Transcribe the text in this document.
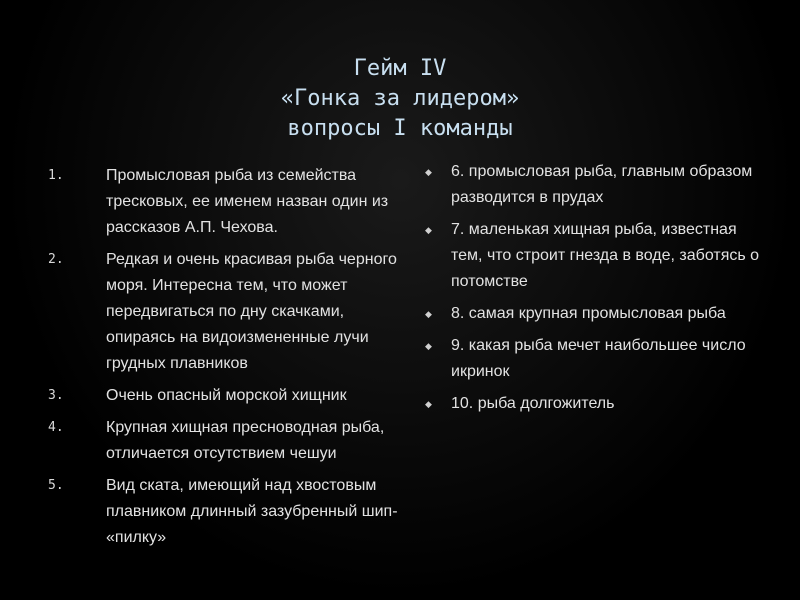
Гейм IV
«Гонка за лидером»
вопросы I команды
1.	Промысловая рыба из семейства тресковых, ее именем назван один из рассказов А.П. Чехова.
2.	Редкая и очень красивая рыба черного моря. Интересна тем, что может передвигаться по дну скачками, опираясь на видоизмененные лучи грудных плавников
3.	Очень опасный морской хищник
4.	Крупная хищная пресноводная рыба, отличается отсутствием чешуи
5.	Вид ската, имеющий над хвостовым плавником длинный зазубренный шип- «пилку»
◆	6. промысловая рыба, главным образом разводится в прудах
◆	7. маленькая хищная рыба, известная тем, что строит гнезда в воде, заботясь о потомстве
◆	8. самая крупная промысловая рыба
◆	9. какая рыба мечет наибольшее число икринок
◆	10. рыба долгожитель
